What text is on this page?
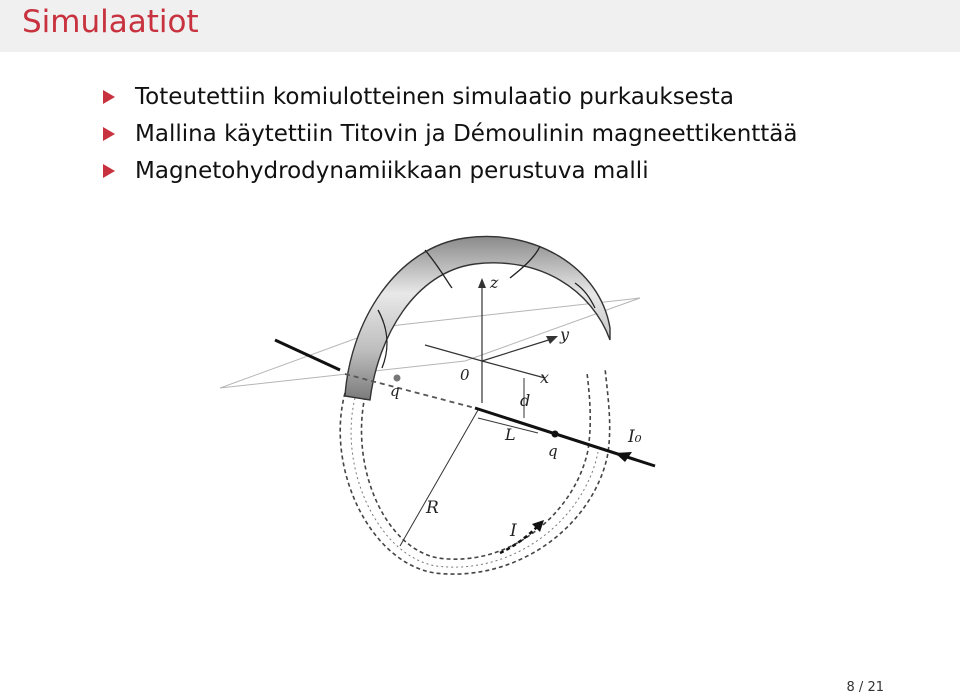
Simulaatiot
Toteutettiin komiulotteinen simulaatio purkauksesta
Mallina käytettiin Titovin ja Démoulinin magneettikenttää
Magnetohydrodynamiikkaan perustuva malli
z
y
x
0
d
L
q
q
I₀
R
I
8 / 21
